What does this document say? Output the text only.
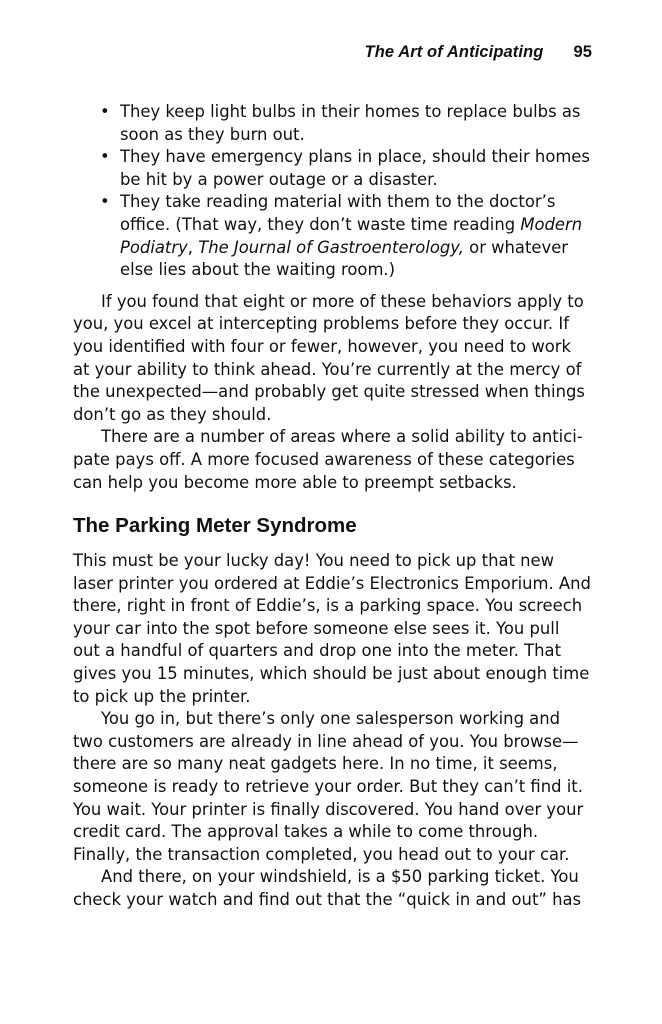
The Art of Anticipating 95
• They keep light bulbs in their homes to replace bulbs as soon as they burn out.
• They have emergency plans in place, should their homes be hit by a power outage or a disaster.
• They take reading material with them to the doctor’s office. (That way, they don’t waste time reading Modern Podiatry, The Journal of Gastroenterology, or whatever else lies about the waiting room.)

If you found that eight or more of these behaviors apply to you, you excel at intercepting problems before they occur. If you identified with four or fewer, however, you need to work at your ability to think ahead. You’re currently at the mercy of the unexpected—and probably get quite stressed when things don’t go as they should.

There are a number of areas where a solid ability to antici-pate pays off. A more focused awareness of these categories can help you become more able to preempt setbacks.

The Parking Meter Syndrome

This must be your lucky day! You need to pick up that new laser printer you ordered at Eddie’s Electronics Emporium. And there, right in front of Eddie’s, is a parking space. You screech your car into the spot before someone else sees it. You pull out a handful of quarters and drop one into the meter. That gives you 15 minutes, which should be just about enough time to pick up the printer.

You go in, but there’s only one salesperson working and two customers are already in line ahead of you. You browse—there are so many neat gadgets here. In no time, it seems, someone is ready to retrieve your order. But they can’t find it. You wait. Your printer is finally discovered. You hand over your credit card. The approval takes a while to come through. Finally, the transaction completed, you head out to your car.

And there, on your windshield, is a $50 parking ticket. You check your watch and find out that the “quick in and out” has
